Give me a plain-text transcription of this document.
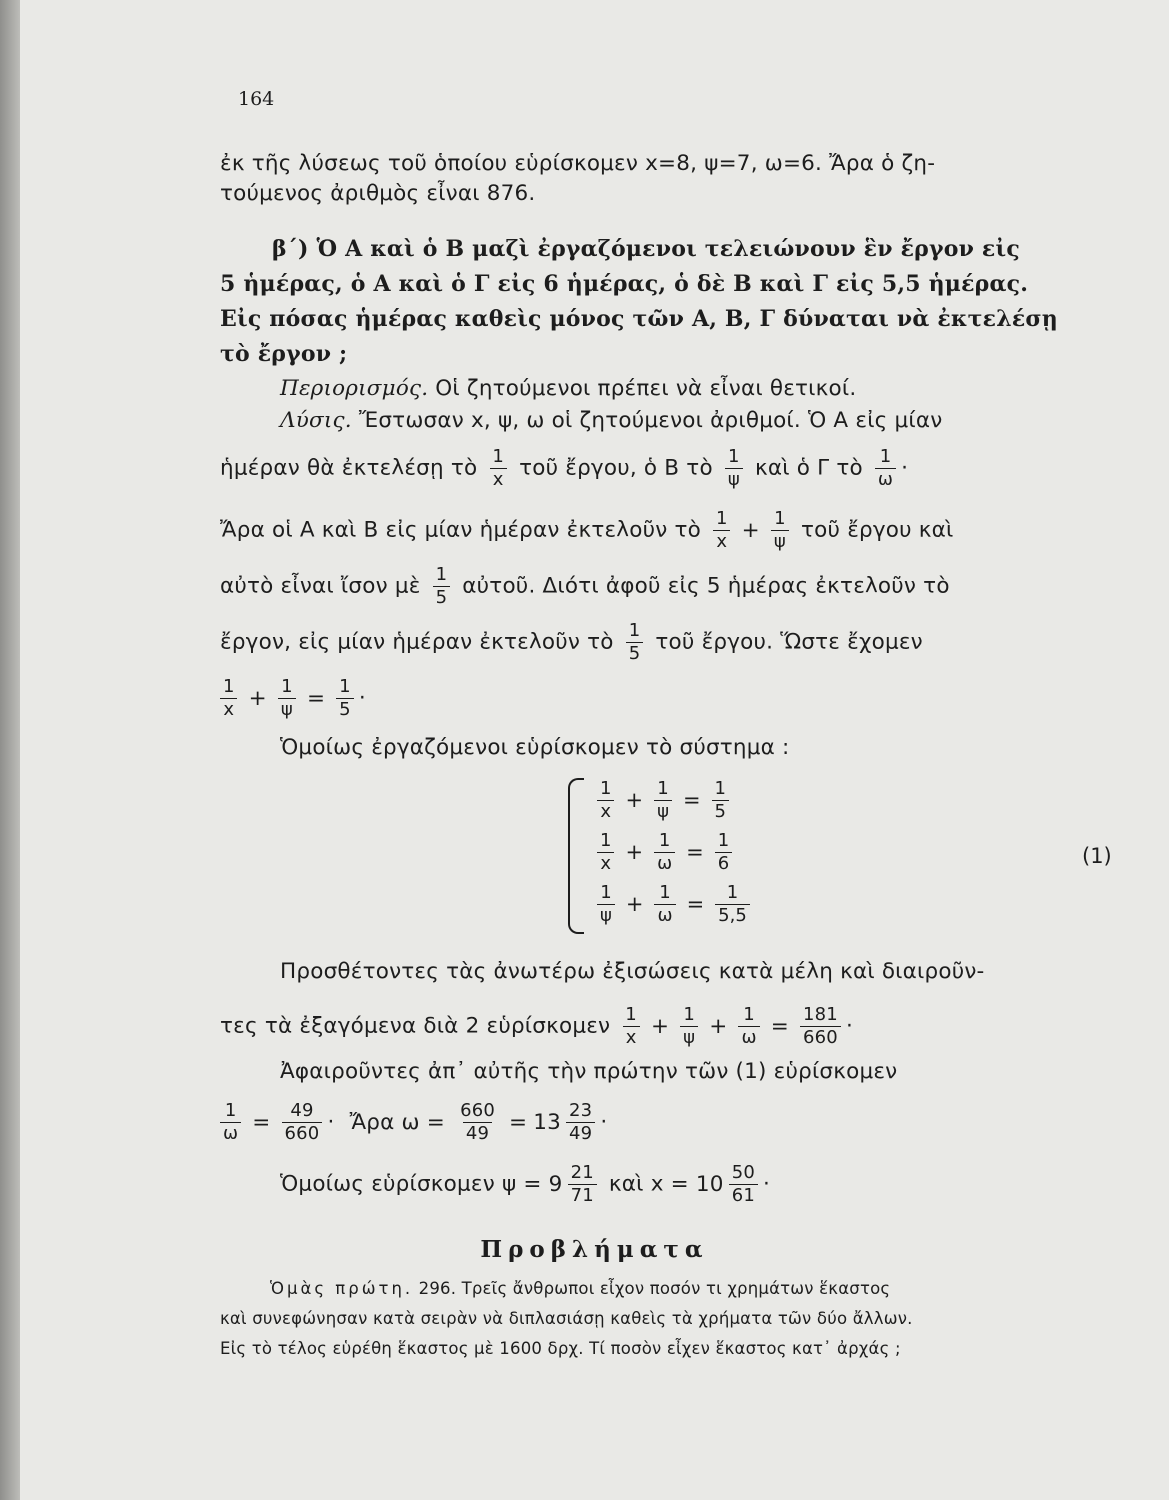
164
ἐκ τῆς λύσεως τοῦ ὁποίου εὑρίσκομεν x=8, ψ=7, ω=6. Ἄρα ὁ ζη-
τούμενος ἀριθμὸς εἶναι 876.
β΄) Ὁ Α καὶ ὁ Β μαζὶ ἐργαζόμενοι τελειώνουν ἓν ἔργον εἰς
5 ἡμέρας, ὁ Α καὶ ὁ Γ εἰς 6 ἡμέρας, ὁ δὲ Β καὶ Γ εἰς 5,5 ἡμέρας.
Εἰς πόσας ἡμέρας καθεὶς μόνος τῶν Α, Β, Γ δύναται νὰ ἐκτελέσῃ
τὸ ἔργον ;
Περιορισμός. Οἱ ζητούμενοι πρέπει νὰ εἶναι θετικοί.
Λύσις. Ἔστωσαν x, ψ, ω οἱ ζητούμενοι ἀριθμοί. Ὁ Α εἰς μίαν
ἡμέραν θὰ ἐκτελέσῃ τὸ $\frac{1}{x}$ τοῦ ἔργου, ὁ Β τὸ $\frac{1}{\psi}$ καὶ ὁ Γ τὸ $\frac{1}{\omega}$ ·
Ἄρα οἱ Α καὶ Β εἰς μίαν ἡμέραν ἐκτελοῦν τὸ $\frac{1}{x} + \frac{1}{\psi}$ τοῦ ἔργου καὶ
αὐτὸ εἶναι ἴσον μὲ $\frac{1}{5}$ αὐτοῦ. Διότι ἀφοῦ εἰς 5 ἡμέρας ἐκτελοῦν τὸ
ἔργον, εἰς μίαν ἡμέραν ἐκτελοῦν τὸ $\frac{1}{5}$ τοῦ ἔργου. Ὥστε ἔχομεν
$\frac{1}{x} + \frac{1}{\psi} = \frac{1}{5}$ ·
Ὁμοίως ἐργαζόμενοι εὑρίσκομεν τὸ σύστημα :
$\frac{1}{x} + \frac{1}{\psi} = \frac{1}{5}$
$\frac{1}{x} + \frac{1}{\omega} = \frac{1}{6}$
$\frac{1}{\psi} + \frac{1}{\omega} = \frac{1}{5,5}$
(1)
Προσθέτοντες τὰς ἀνωτέρω ἐξισώσεις κατὰ μέλη καὶ διαιροῦν-
τες τὰ ἐξαγόμενα διὰ 2 εὑρίσκομεν $\frac{1}{x} + \frac{1}{\psi} + \frac{1}{\omega} = \frac{181}{660}$ ·
Ἀφαιροῦντες ἀπ᾿ αὐτῆς τὴν πρώτην τῶν (1) εὑρίσκομεν
$\frac{1}{\omega} = \frac{49}{660}$ · Ἄρα $\omega = \frac{660}{49} = 13 \frac{23}{49}$ ·
Ὁμοίως εὑρίσκομεν $\psi = 9 \frac{21}{71}$ καὶ $x = 10 \frac{50}{61}$ ·
Προβλήματα
Ὁμὰς πρώτη. 296. Τρεῖς ἄνθρωποι εἶχον ποσόν τι χρημάτων ἕκαστος
καὶ συνεφώνησαν κατὰ σειρὰν νὰ διπλασιάσῃ καθεὶς τὰ χρήματα τῶν δύο ἄλλων.
Εἰς τὸ τέλος εὑρέθη ἕκαστος μὲ 1600 δρχ. Τί ποσὸν εἶχεν ἕκαστος κατ᾿ ἀρχάς ;
